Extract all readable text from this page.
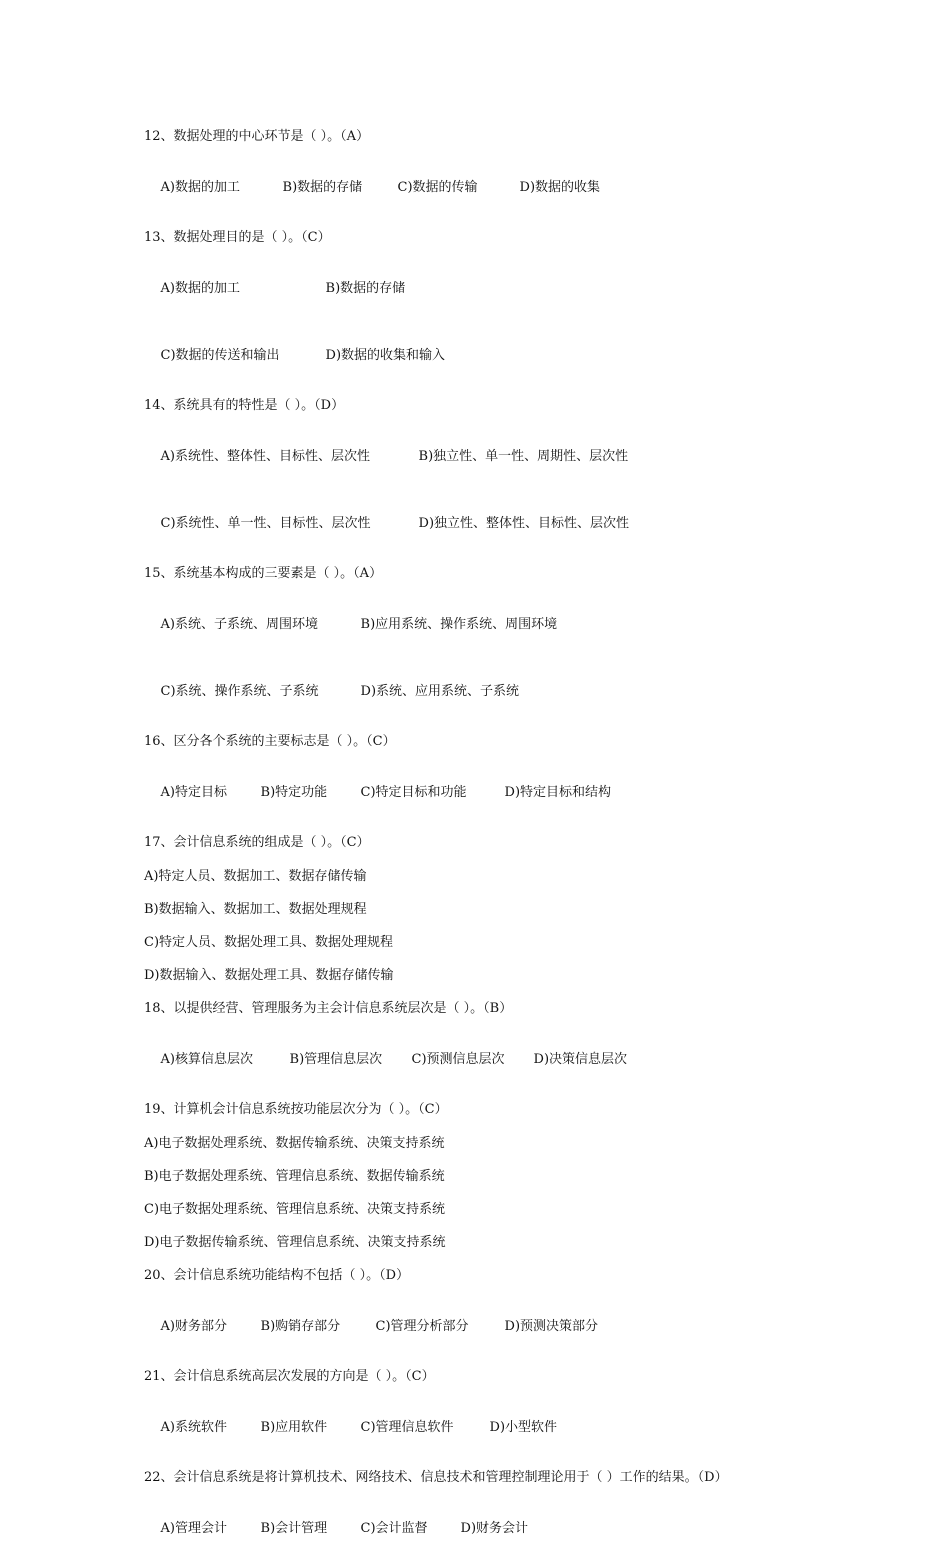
12、数据处理的中心环节是（ ）。（A）

A)数据的加工	B)数据的存储	C)数据的传输	D)数据的收集

13、数据处理目的是（ ）。（C）

A)数据的加工	B)数据的存储

C)数据的传送和输出	D)数据的收集和输入

14、系统具有的特性是（ ）。（D）

A)系统性、整体性、目标性、层次性	B)独立性、单一性、周期性、层次性

C)系统性、单一性、目标性、层次性	D)独立性、整体性、目标性、层次性

15、系统基本构成的三要素是（ ）。（A）

A)系统、子系统、周围环境	B)应用系统、操作系统、周围环境

C)系统、操作系统、子系统	D)系统、应用系统、子系统

16、区分各个系统的主要标志是（ ）。（C）

A)特定目标	B)特定功能	C)特定目标和功能	D)特定目标和结构

17、会计信息系统的组成是（ ）。（C）
A)特定人员、数据加工、数据存储传输
B)数据输入、数据加工、数据处理规程
C)特定人员、数据处理工具、数据处理规程
D)数据输入、数据处理工具、数据存储传输
18、以提供经营、管理服务为主会计信息系统层次是（ ）。（B）

A)核算信息层次	B)管理信息层次 C)预测信息层次 D)决策信息层次

19、计算机会计信息系统按功能层次分为（ ）。（C）
A)电子数据处理系统、数据传输系统、决策支持系统
B)电子数据处理系统、管理信息系统、数据传输系统
C)电子数据处理系统、管理信息系统、决策支持系统
D)电子数据传输系统、管理信息系统、决策支持系统
20、会计信息系统功能结构不包括（ ）。（D）

A)财务部分	B)购销存部分	C)管理分析部分	D)预测决策部分

21、会计信息系统高层次发展的方向是（ ）。（C）

A)系统软件	B)应用软件	C)管理信息软件	D)小型软件

22、会计信息系统是将计算机技术、网络技术、信息技术和管理控制理论用于（ ）工作的结果。（D）

A)管理会计	B)会计管理	C)会计监督	D)财务会计
